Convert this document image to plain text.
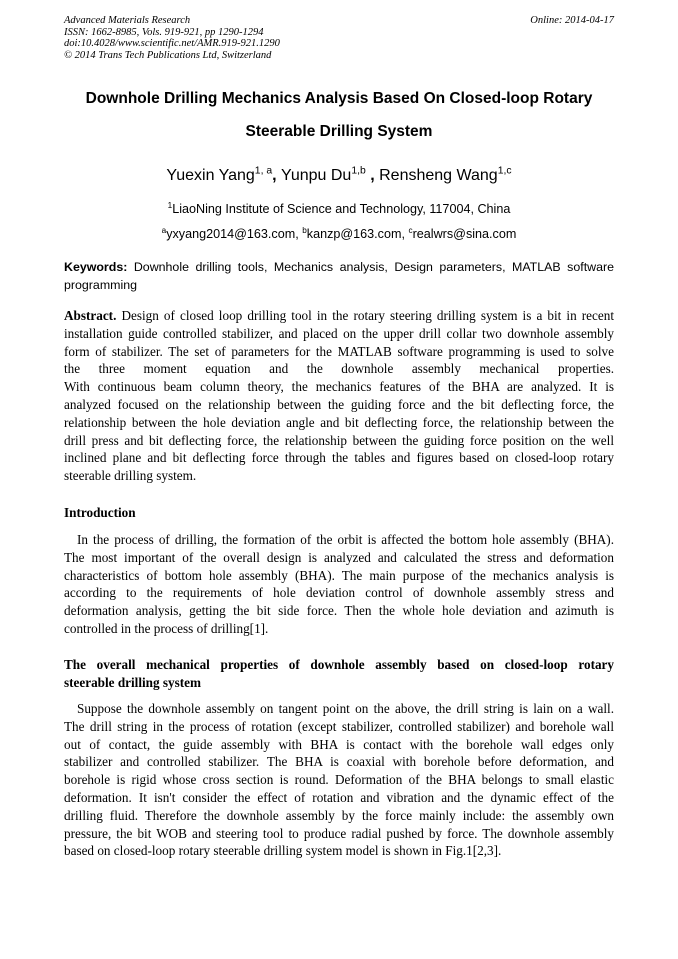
Advanced Materials Research
ISSN: 1662-8985, Vols. 919-921, pp 1290-1294
doi:10.4028/www.scientific.net/AMR.919-921.1290
© 2014 Trans Tech Publications Ltd, Switzerland
Online: 2014-04-17
Downhole Drilling Mechanics Analysis Based On Closed-loop Rotary
Steerable Drilling System
Yuexin Yang$^{1, a}$, Yunpu Du$^{1,b}$ , Rensheng Wang$^{1,c}$
$^1$LiaoNing Institute of Science and Technology, 117004, China
$^a$yxyang2014@163.com, $^b$kanzp@163.com, $^c$realwrs@sina.com
Keywords: Downhole drilling tools, Mechanics analysis, Design parameters, MATLAB software
programming
Abstract. Design of closed loop drilling tool in the rotary steering drilling system is a bit in recent
installation guide controlled stabilizer, and placed on the upper drill collar two downhole assembly
form of stabilizer. The set of parameters for the MATLAB software programming is used to solve
the three moment equation and the downhole assembly mechanical properties.
With continuous beam column theory, the mechanics features of the BHA are analyzed. It is
analyzed focused on the relationship between the guiding force and the bit deflecting force, the
relationship between the hole deviation angle and bit deflecting force, the relationship between the
drill press and bit deflecting force, the relationship between the guiding force position on the well
inclined plane and bit deflecting force through the tables and figures based on closed-loop rotary
steerable drilling system.
Introduction
In the process of drilling, the formation of the orbit is affected the bottom hole assembly (BHA).
The most important of the overall design is analyzed and calculated the stress and deformation
characteristics of bottom hole assembly (BHA). The main purpose of the mechanics analysis is
according to the requirements of hole deviation control of downhole assembly stress and
deformation analysis, getting the bit side force. Then the whole hole deviation and azimuth is
controlled in the process of drilling[1].
The overall mechanical properties of downhole assembly based on closed-loop rotary
steerable drilling system
Suppose the downhole assembly on tangent point on the above, the drill string is lain on a wall.
The drill string in the process of rotation (except stabilizer, controlled stabilizer) and borehole wall
out of contact, the guide assembly with BHA is contact with the borehole wall edges only
stabilizer and controlled stabilizer. The BHA is coaxial with borehole before deformation, and
borehole is rigid whose cross section is round. Deformation of the BHA belongs to small elastic
deformation. It isn't consider the effect of rotation and vibration and the dynamic effect of the
drilling fluid. Therefore the downhole assembly by the force mainly include: the assembly own
pressure, the bit WOB and steering tool to produce radial pushed by force. The downhole assembly
based on closed-loop rotary steerable drilling system model is shown in Fig.1[2,3].
